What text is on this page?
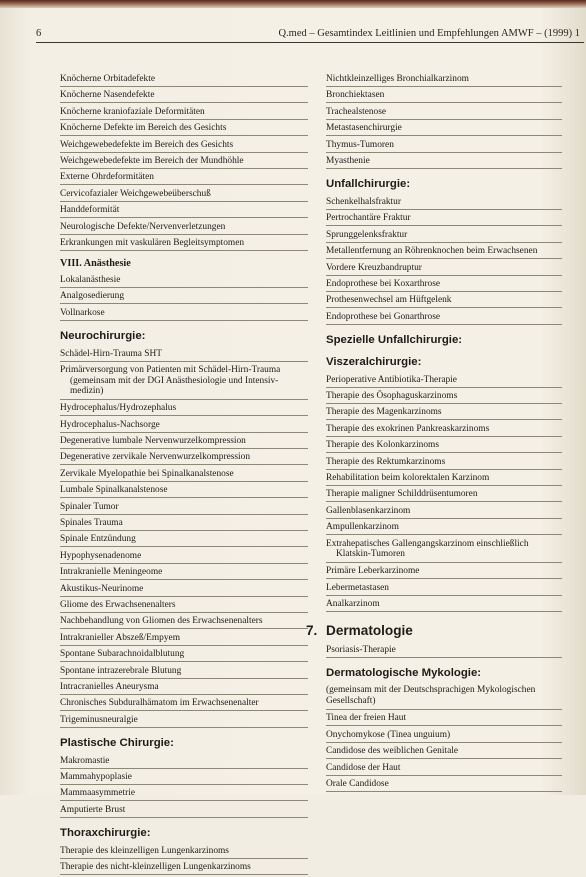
6	Q.med – Gesamtindex Leitlinien und Empfehlungen AMWF – (1999) 1
Knöcherne Orbitadefekte
Knöcherne Nasendefekte
Knöcherne kraniofaziale Deformitäten
Knöcherne Defekte im Bereich des Gesichts
Weichgewebedefekte im Bereich des Gesichts
Weichgewebedefekte im Bereich der Mundhöhle
Externe Ohrdeformitäten
Cervicofazialer Weichgewebeüberschuß
Handdeformität
Neurologische Defekte/Nervenverletzungen
Erkrankungen mit vaskulären Begleitsymptomen
VIII. Anästhesie
Lokalanästhesie
Analgosedierung
Vollnarkose
Neurochirurgie:
Schädel-Hirn-Trauma SHT
Primärversorgung von Patienten mit Schädel-Hirn-Trauma
(gemeinsam mit der DGI Anästhesiologie und Intensiv-
medizin)
Hydrocephalus/Hydrozephalus
Hydrocephalus-Nachsorge
Degenerative lumbale Nervenwurzelkompression
Degenerative zervikale Nervenwurzelkompression
Zervikale Myelopathie bei Spinalkanalstenose
Lumbale Spinalkanalstenose
Spinaler Tumor
Spinales Trauma
Spinale Entzündung
Hypophysenadenome
Intrakranielle Meningeome
Akustikus-Neurinome
Gliome des Erwachsenenalters
Nachbehandlung von Gliomen des Erwachsenenalters
Intrakranieller Abszeß/Empyem
Spontane Subarachnoidalblutung
Spontane intrazerebrale Blutung
Intracranielles Aneurysma
Chronisches Subduralhämatom im Erwachsenenalter
Trigeminusneuralgie
Plastische Chirurgie:
Makromastie
Mammahypoplasie
Mammaasymmetrie
Amputierte Brust
Thoraxchirurgie:
Therapie des kleinzelligen Lungenkarzinoms
Therapie des nicht-kleinzelligen Lungenkarzinoms
Nichtkleinzelliges Bronchialkarzinom
Bronchiektasen
Trachealstenose
Metastasenchirurgie
Thymus-Tumoren
Myasthenie
Unfallchirurgie:
Schenkelhalsfraktur
Pertrochantäre Fraktur
Sprunggelenksfraktur
Metallentfernung an Röhrenknochen beim Erwachsenen
Vordere Kreuzbandruptur
Endoprothese bei Koxarthrose
Prothesenwechsel am Hüftgelenk
Endoprothese bei Gonarthrose
Spezielle Unfallchirurgie:
Viszeralchirurgie:
Perioperative Antibiotika-Therapie
Therapie des Ösophaguskarzinoms
Therapie des Magenkarzinoms
Therapie des exokrinen Pankreaskarzinoms
Therapie des Kolonkarzinoms
Therapie des Rektumkarzinoms
Rehabilitation beim kolorektalen Karzinom
Therapie maligner Schilddrüsentumoren
Gallenblasenkarzinom
Ampullenkarzinom
Extrahepatisches Gallengangskarzinom einschließlich
Klatskin-Tumoren
Primäre Leberkarzinome
Lebermetastasen
Analkarzinom
7. Dermatologie
Psoriasis-Therapie
Dermatologische Mykologie:
(gemeinsam mit der Deutschsprachigen Mykologischen Gesellschaft)
Tinea der freien Haut
Onychomykose (Tinea unguium)
Candidose des weiblichen Genitale
Candidose der Haut
Orale Candidose
